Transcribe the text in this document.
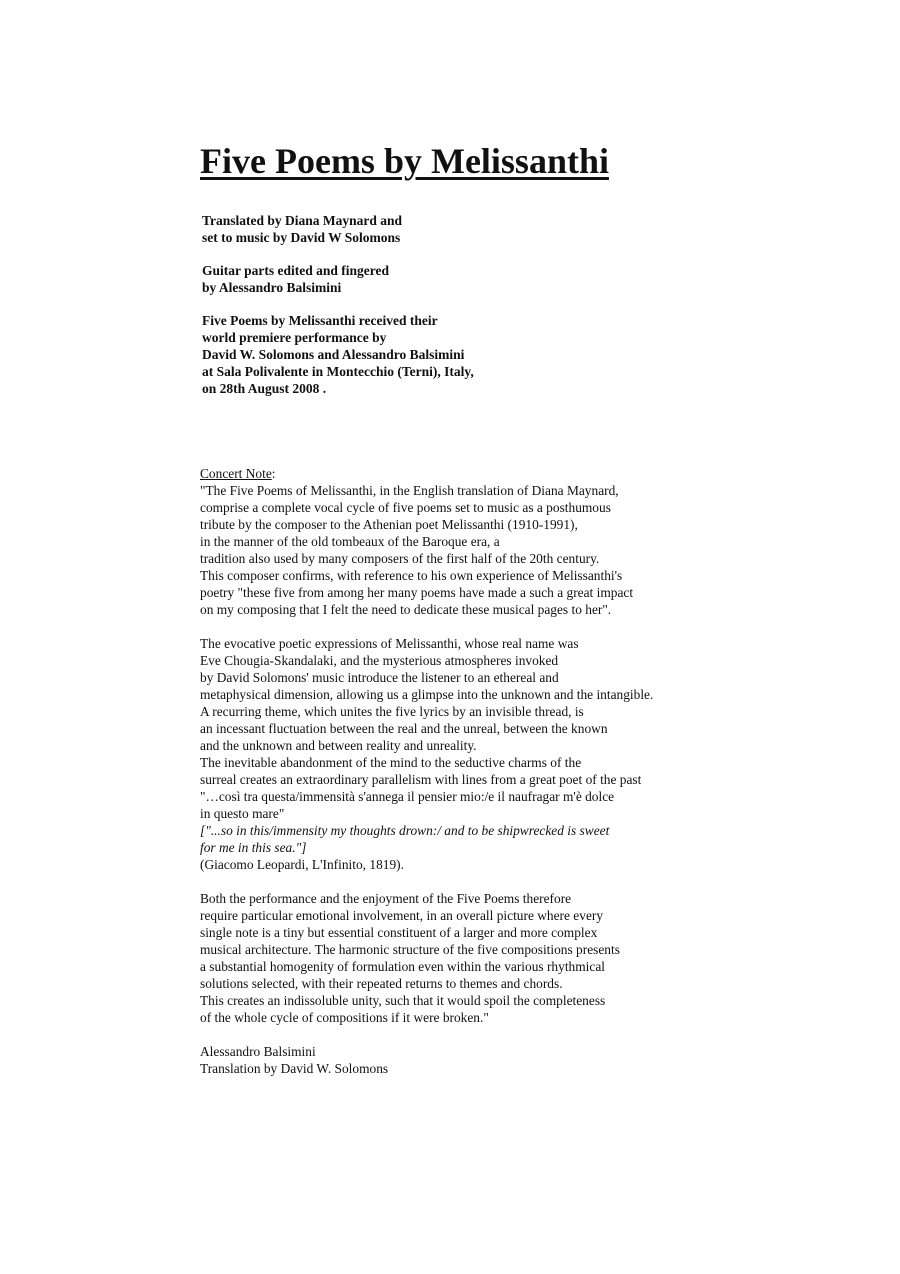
Five Poems by Melissanthi
Translated by Diana Maynard and
set to music by David W Solomons
Guitar parts edited and fingered
by Alessandro Balsimini
Five Poems by Melissanthi received their
world premiere performance by
David W. Solomons and Alessandro Balsimini
at Sala Polivalente in Montecchio (Terni), Italy,
on 28th August 2008 .
Concert Note:
"The Five Poems of Melissanthi, in the English translation of Diana Maynard,
comprise a complete vocal cycle of five poems set to music as a posthumous
tribute by the composer to the Athenian poet Melissanthi (1910-1991),
in the manner of the old tombeaux of the Baroque era, a
tradition also used by many composers of the first half of the 20th century.
This composer confirms, with reference to his own experience of Melissanthi's
poetry "these five from among her many poems have made a such a great impact
on my composing that I felt the need to dedicate these musical pages to her".
The evocative poetic expressions of Melissanthi, whose real name was
Eve Chougia-Skandalaki, and the mysterious atmospheres invoked
by David Solomons' music introduce the listener to an ethereal and
metaphysical dimension, allowing us a glimpse into the unknown and the intangible.
A recurring theme, which unites the five lyrics by an invisible thread, is
an incessant fluctuation between the real and the unreal, between the known
and the unknown and between reality and unreality.
The inevitable abandonment of the mind to the seductive charms of the
surreal creates an extraordinary parallelism with lines from a great poet of the past
"…così tra questa/immensità s'annega il pensier mio:/e il naufragar m'è dolce
in questo mare"
["...so in this/immensity my thoughts drown:/ and to be shipwrecked is sweet
for me in this sea."]
(Giacomo Leopardi, L'Infinito, 1819).
Both the performance and the enjoyment of the Five Poems therefore
require particular emotional involvement, in an overall picture where every
single note is a tiny but essential constituent of a larger and more complex
musical architecture. The harmonic structure of the five compositions presents
a substantial homogenity of formulation even within the various rhythmical
solutions selected, with their repeated returns to themes and chords.
This creates an indissoluble unity, such that it would spoil the completeness
of the whole cycle of compositions if it were broken."
Alessandro Balsimini
Translation by David W. Solomons
